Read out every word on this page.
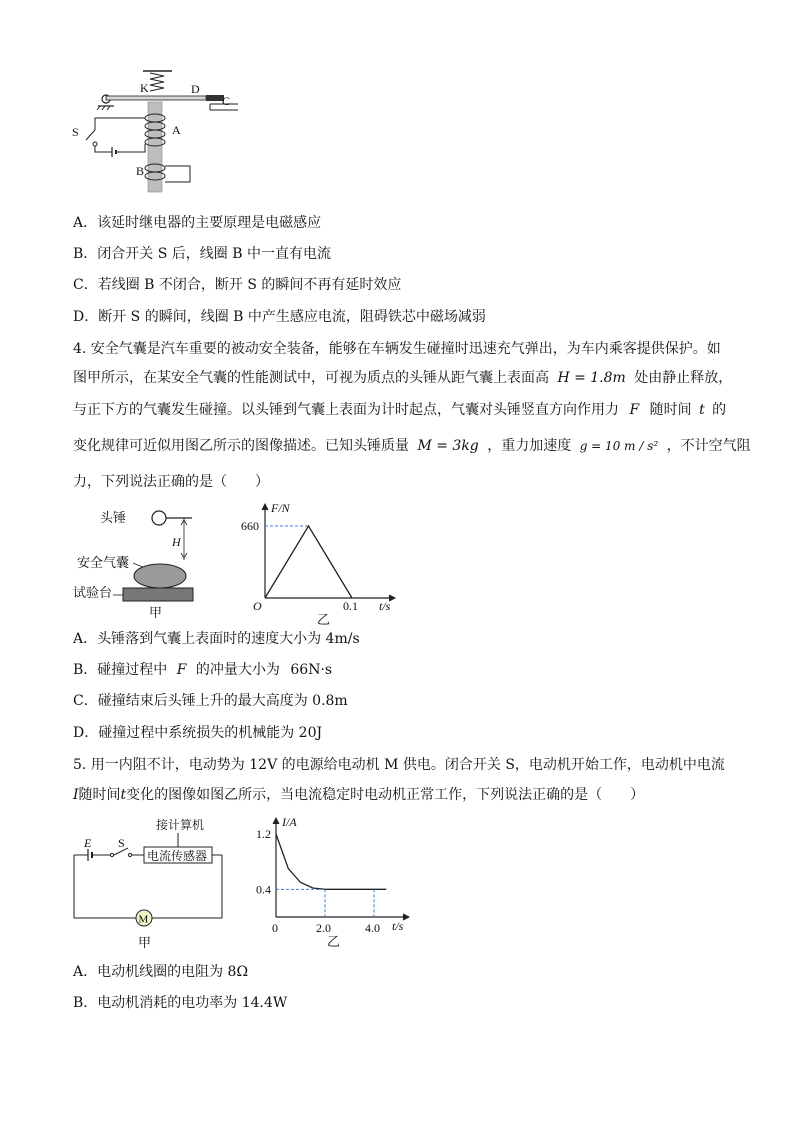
K	D
C
A
B
S
A．该延时继电器的主要原理是电磁感应
B．闭合开关 S 后，线圈 B 中一直有电流
C．若线圈 B 不闭合，断开 S 的瞬间不再有延时效应
D．断开 S 的瞬间，线圈 B 中产生感应电流，阻碍铁芯中磁场减弱
4. 安全气囊是汽车重要的被动安全装备，能够在车辆发生碰撞时迅速充气弹出，为车内乘客提供保护。如
图甲所示，在某安全气囊的性能测试中，可视为质点的头锤从距气囊上表面高 H = 1.8m 处由静止释放，
与正下方的气囊发生碰撞。以头锤到气囊上表面为计时起点，气囊对头锤竖直方向作用力 F 随时间 t 的
变化规律可近似用图乙所示的图像描述。已知头锤质量 M = 3kg ，重力加速度 g = 10 m / s² ，不计空气阻
力，下列说法正确的是（　　）
头锤
H
安全气囊
试验台
甲
F/N
t/s
O
660
0.1
乙
A．头锤落到气囊上表面时的速度大小为 4m/s
B．碰撞过程中 F 的冲量大小为 66N·s
C．碰撞结束后头锤上升的最大高度为 0.8m
D．碰撞过程中系统损失的机械能为 20J
5. 用一内阻不计，电动势为 12V 的电源给电动机 M 供电。闭合开关 S，电动机开始工作，电动机中电流
I随时间t变化的图像如图乙所示，当电流稳定时电动机正常工作，下列说法正确的是（　　）
接计算机
E S
电流传感器
M
甲
I/A
t/s
1.2
0.4
0	2.0	4.0
乙
A．电动机线圈的电阻为 8Ω
B．电动机消耗的电功率为 14.4W
